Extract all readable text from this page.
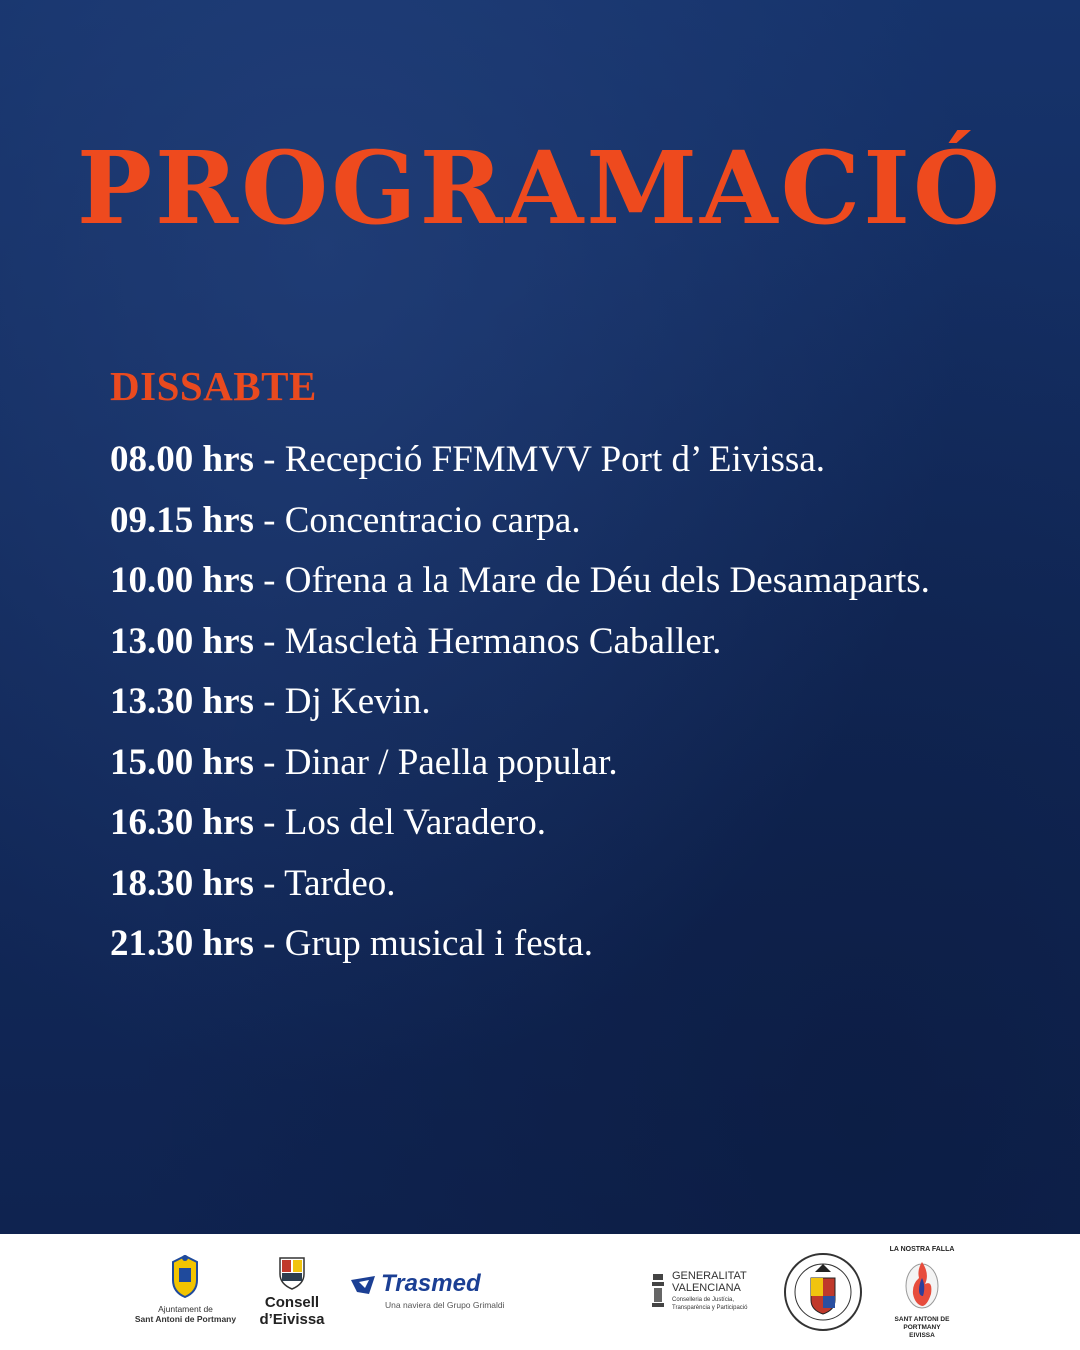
PROGRAMACIÓ
DISSABTE

08.00 hrs - Recepció FFMMVV Port d’ Eivissa.

09.15 hrs - Concentracio carpa.

10.00 hrs - Ofrena a la Mare de Déu dels Desamaparts.

13.00 hrs - Mascletà Hermanos Caballer.

13.30 hrs - Dj Kevin.

15.00 hrs - Dinar / Paella popular.

16.30 hrs - Los del Varadero.

18.30 hrs - Tardeo.

21.30 hrs - Grup musical i festa.

Ajuntament de
Sant Antoni de Portmany
Consell
d’Eivissa
Trasmed
Una naviera del Grupo Grimaldi
GENERALITAT
VALENCIANA
Conselleria de Justícia,
Transparència y Participació
LA NOSTRA FALLA
SANT ANTONI DE PORTMANY
EIVISSA
